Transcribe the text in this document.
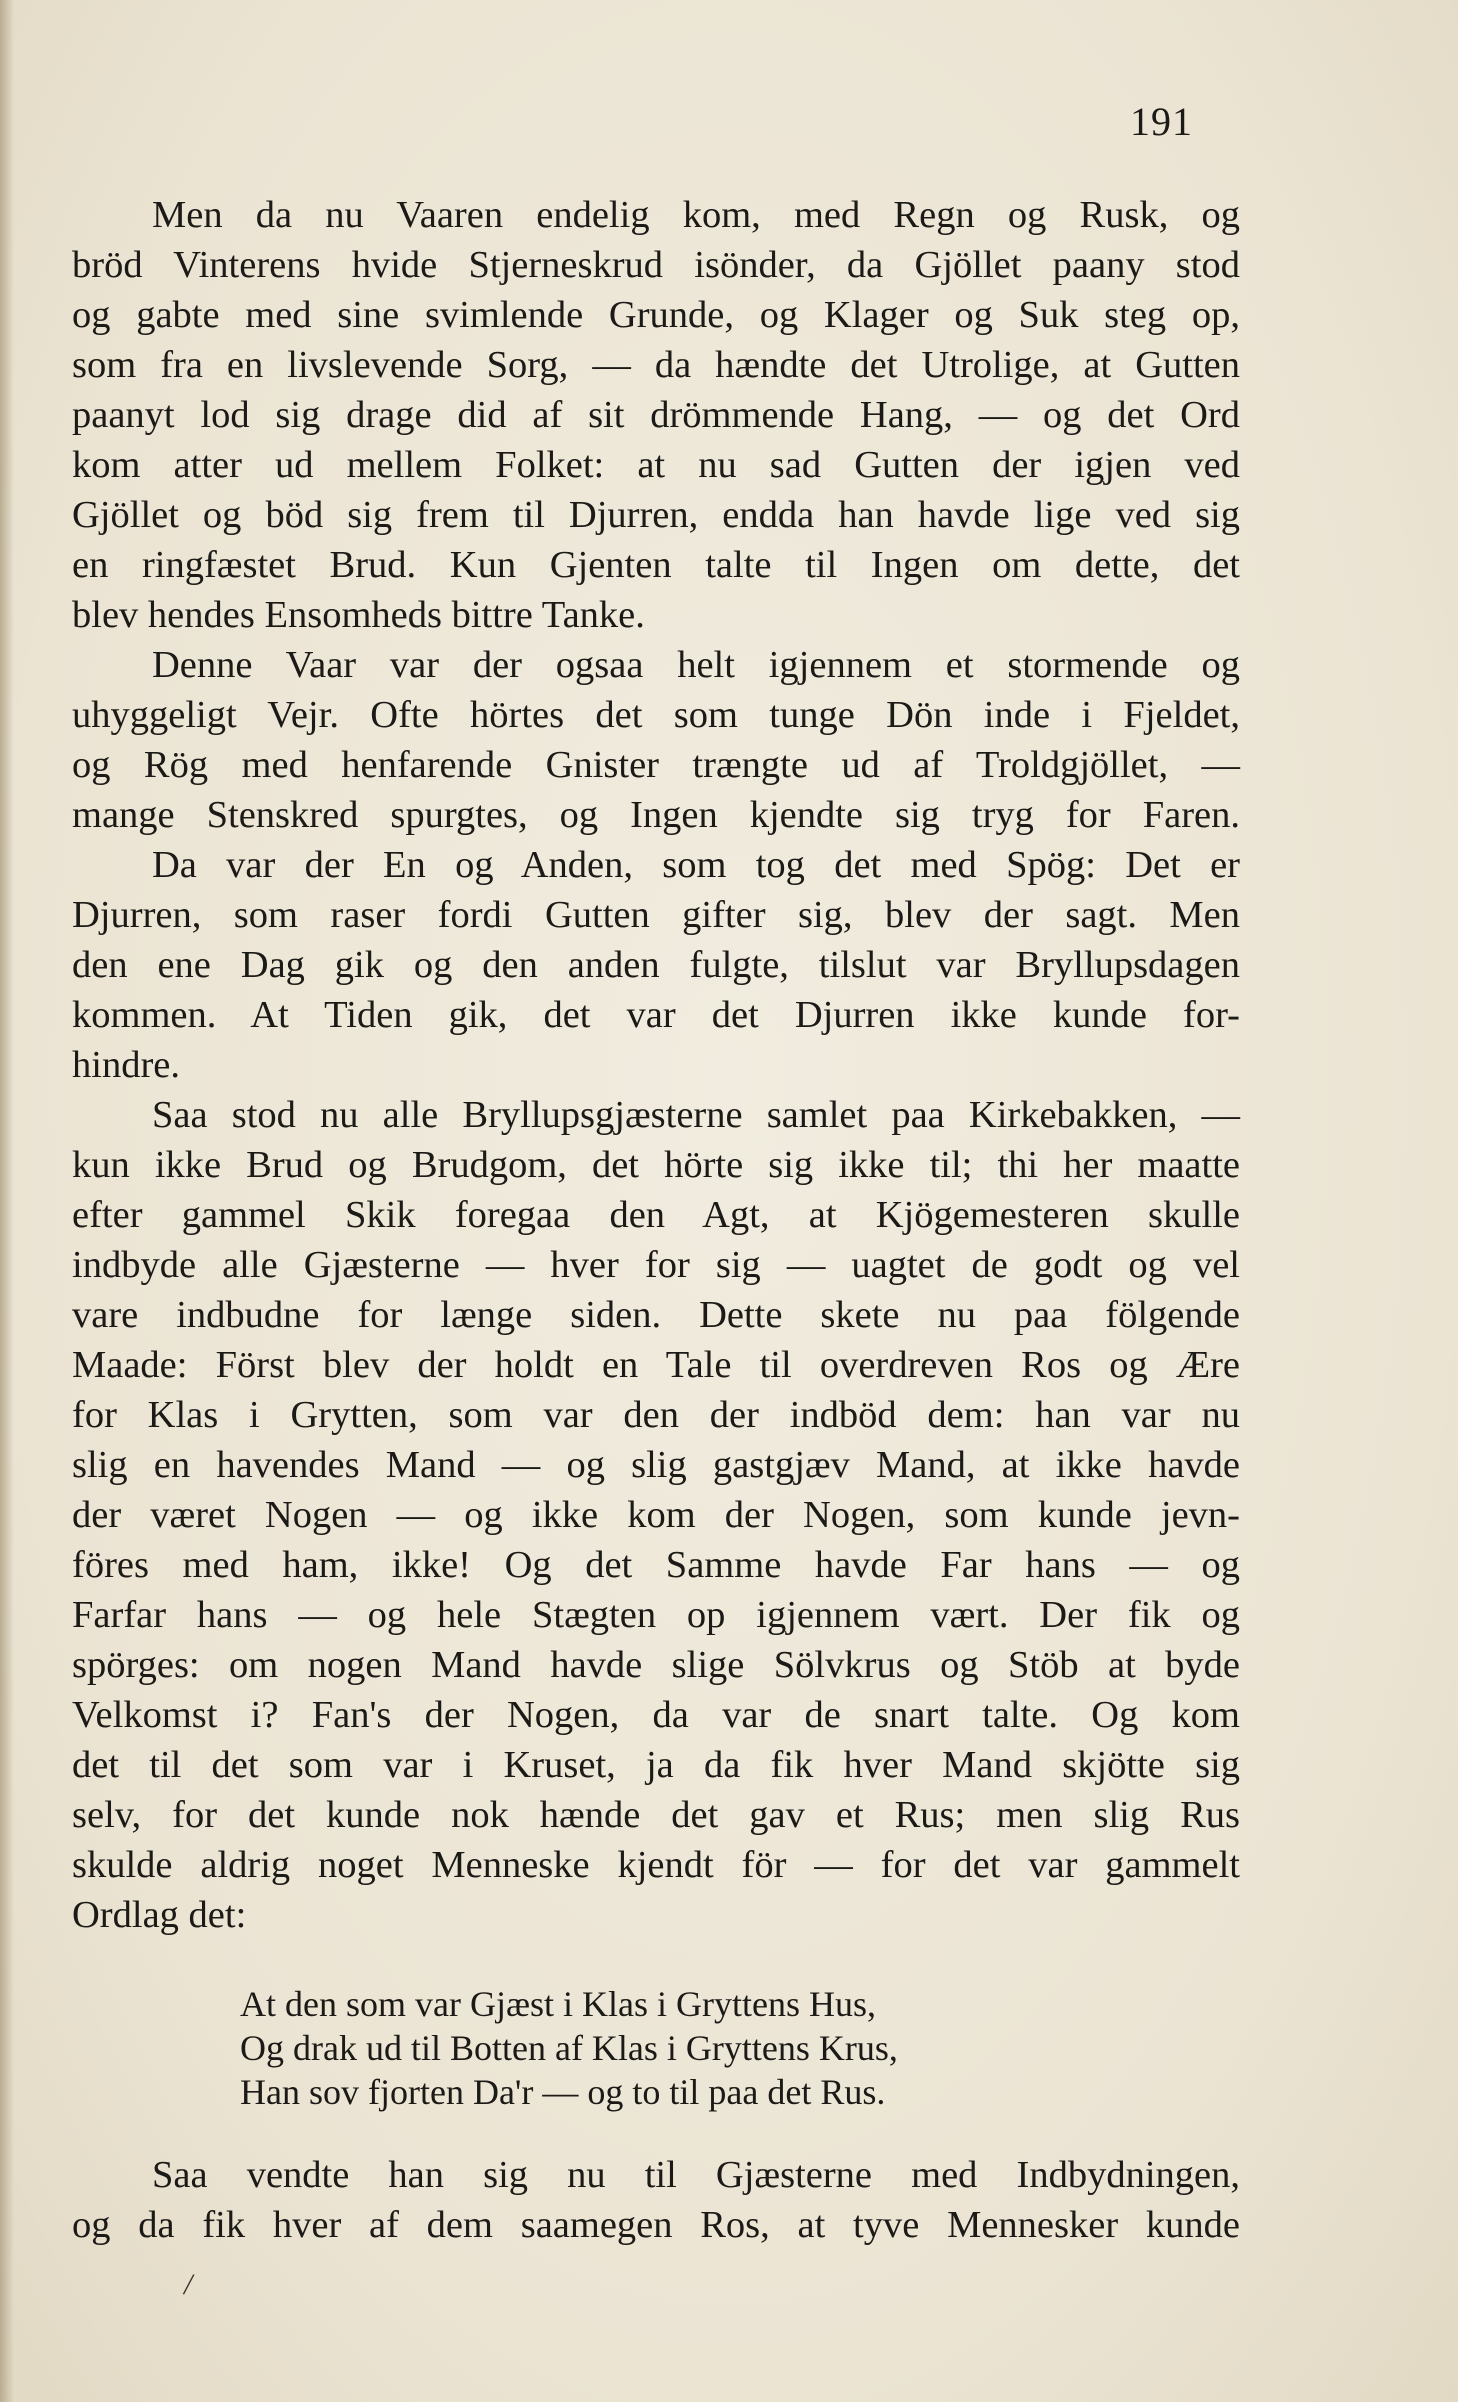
191
Men da nu Vaaren endelig kom, med Regn og Rusk, og
bröd Vinterens hvide Stjerneskrud isönder, da Gjöllet paany stod
og gabte med sine svimlende Grunde, og Klager og Suk steg op,
som fra en livslevende Sorg, — da hændte det Utrolige, at Gutten
paanyt lod sig drage did af sit drömmende Hang, — og det Ord
kom atter ud mellem Folket: at nu sad Gutten der igjen ved
Gjöllet og böd sig frem til Djurren, endda han havde lige ved sig
en ringfæstet Brud. Kun Gjenten talte til Ingen om dette, det
blev hendes Ensomheds bittre Tanke.
Denne Vaar var der ogsaa helt igjennem et stormende og
uhyggeligt Vejr. Ofte hörtes det som tunge Dön inde i Fjeldet,
og Rög med henfarende Gnister trængte ud af Troldgjöllet, —
mange Stenskred spurgtes, og Ingen kjendte sig tryg for Faren.
Da var der En og Anden, som tog det med Spög: Det er
Djurren, som raser fordi Gutten gifter sig, blev der sagt. Men
den ene Dag gik og den anden fulgte, tilslut var Bryllupsdagen
kommen. At Tiden gik, det var det Djurren ikke kunde for-
hindre.
Saa stod nu alle Bryllupsgjæsterne samlet paa Kirkebakken, —
kun ikke Brud og Brudgom, det hörte sig ikke til; thi her maatte
efter gammel Skik foregaa den Agt, at Kjögemesteren skulle
indbyde alle Gjæsterne — hver for sig — uagtet de godt og vel
vare indbudne for længe siden. Dette skete nu paa fölgende
Maade: Först blev der holdt en Tale til overdreven Ros og Ære
for Klas i Grytten, som var den der indböd dem: han var nu
slig en havendes Mand — og slig gastgjæv Mand, at ikke havde
der været Nogen — og ikke kom der Nogen, som kunde jevn-
föres med ham, ikke! Og det Samme havde Far hans — og
Farfar hans — og hele Stægten op igjennem vært. Der fik og
spörges: om nogen Mand havde slige Sölvkrus og Stöb at byde
Velkomst i? Fan's der Nogen, da var de snart talte. Og kom
det til det som var i Kruset, ja da fik hver Mand skjötte sig
selv, for det kunde nok hænde det gav et Rus; men slig Rus
skulde aldrig noget Menneske kjendt för — for det var gammelt
Ordlag det:
At den som var Gjæst i Klas i Gryttens Hus,
Og drak ud til Botten af Klas i Gryttens Krus,
Han sov fjorten Da'r — og to til paa det Rus.
Saa vendte han sig nu til Gjæsterne med Indbydningen,
og da fik hver af dem saamegen Ros, at tyve Mennesker kunde
/
